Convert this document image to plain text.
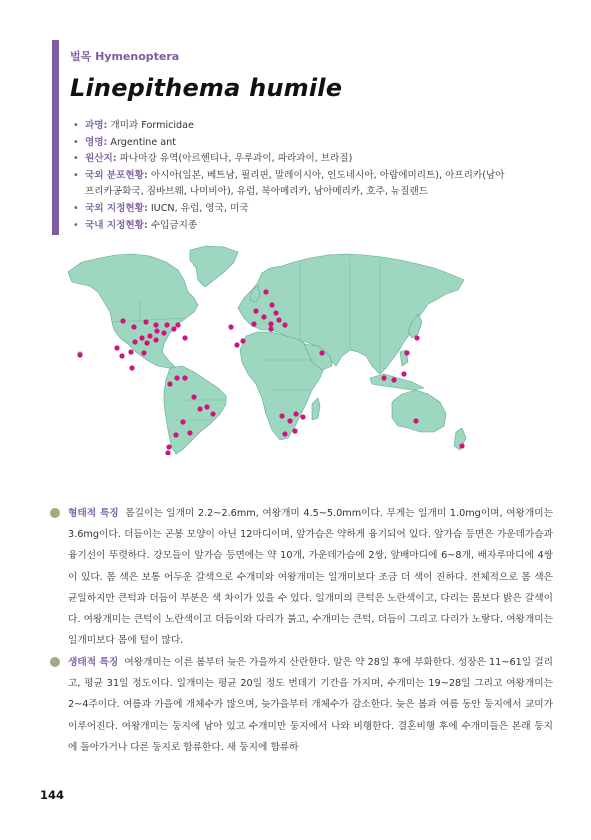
벌목 Hymenoptera
Linepithema humile
• 과명: 개미과 Formicidae
• 영명: Argentine ant
• 원산지: 파나마강 유역(아르헨티나, 우루과이, 파라과이, 브라질)
• 국외 분포현황: 아시아(일본, 베트남, 필리핀, 말레이시아, 인도네시아, 아랍에미리트), 아프리카(남아프리카공화국, 짐바브웨, 나미비아), 유럽, 북아메리카, 남아메리카, 호주, 뉴질랜드
• 국외 지정현황: IUCN, 유럽, 영국, 미국
• 국내 지정현황: 수입금지종
형태적 특징 몸길이는 일개미 2.2~2.6mm, 여왕개미 4.5~5.0mm이다. 무게는 일개미 1.0mg이며, 여왕개미는 3.6mg이다. 더듬이는 곤봉 모양이 아닌 12마디이며, 앞가슴은 약하게 융기되어 있다. 앞가슴 등면은 가운데가슴과 융기선이 뚜렷하다. 강모들이 앞가슴 등면에는 약 10개, 가운데가슴에 2쌍, 앞배마디에 6~8개, 배자루마디에 4쌍이 있다. 몸 색은 보통 어두운 갈색으로 수개미와 여왕개미는 일개미보다 조금 더 색이 진하다. 전체적으로 몸 색은 균일하지만 큰턱과 더듬이 부분은 색 차이가 있을 수 있다. 일개미의 큰턱은 노란색이고, 다리는 몸보다 밝은 갈색이다. 여왕개미는 큰턱이 노란색이고 더듬이와 다리가 붉고, 수개미는 큰턱, 더듬이 그리고 다리가 노랗다. 여왕개미는 일개미보다 몸에 털이 많다.
생태적 특징 여왕개미는 이른 봄부터 늦은 가을까지 산란한다. 알은 약 28일 후에 부화한다. 성장은 11~61일 걸리고, 평균 31일 정도이다. 일개미는 평균 20일 정도 번데기 기간을 가지며, 수개미는 19~28일 그리고 여왕개미는 2~4주이다. 여름과 가을에 개체수가 많으며, 늦가을부터 개체수가 감소한다. 늦은 봄과 여름 동안 둥지에서 교미가 이루어진다. 여왕개미는 둥지에 남아 있고 수개미만 둥지에서 나와 비행한다. 결혼비행 후에 수개미들은 본래 둥지에 돌아가거나 다른 둥지로 합류한다. 새 둥지에 합류하
144
